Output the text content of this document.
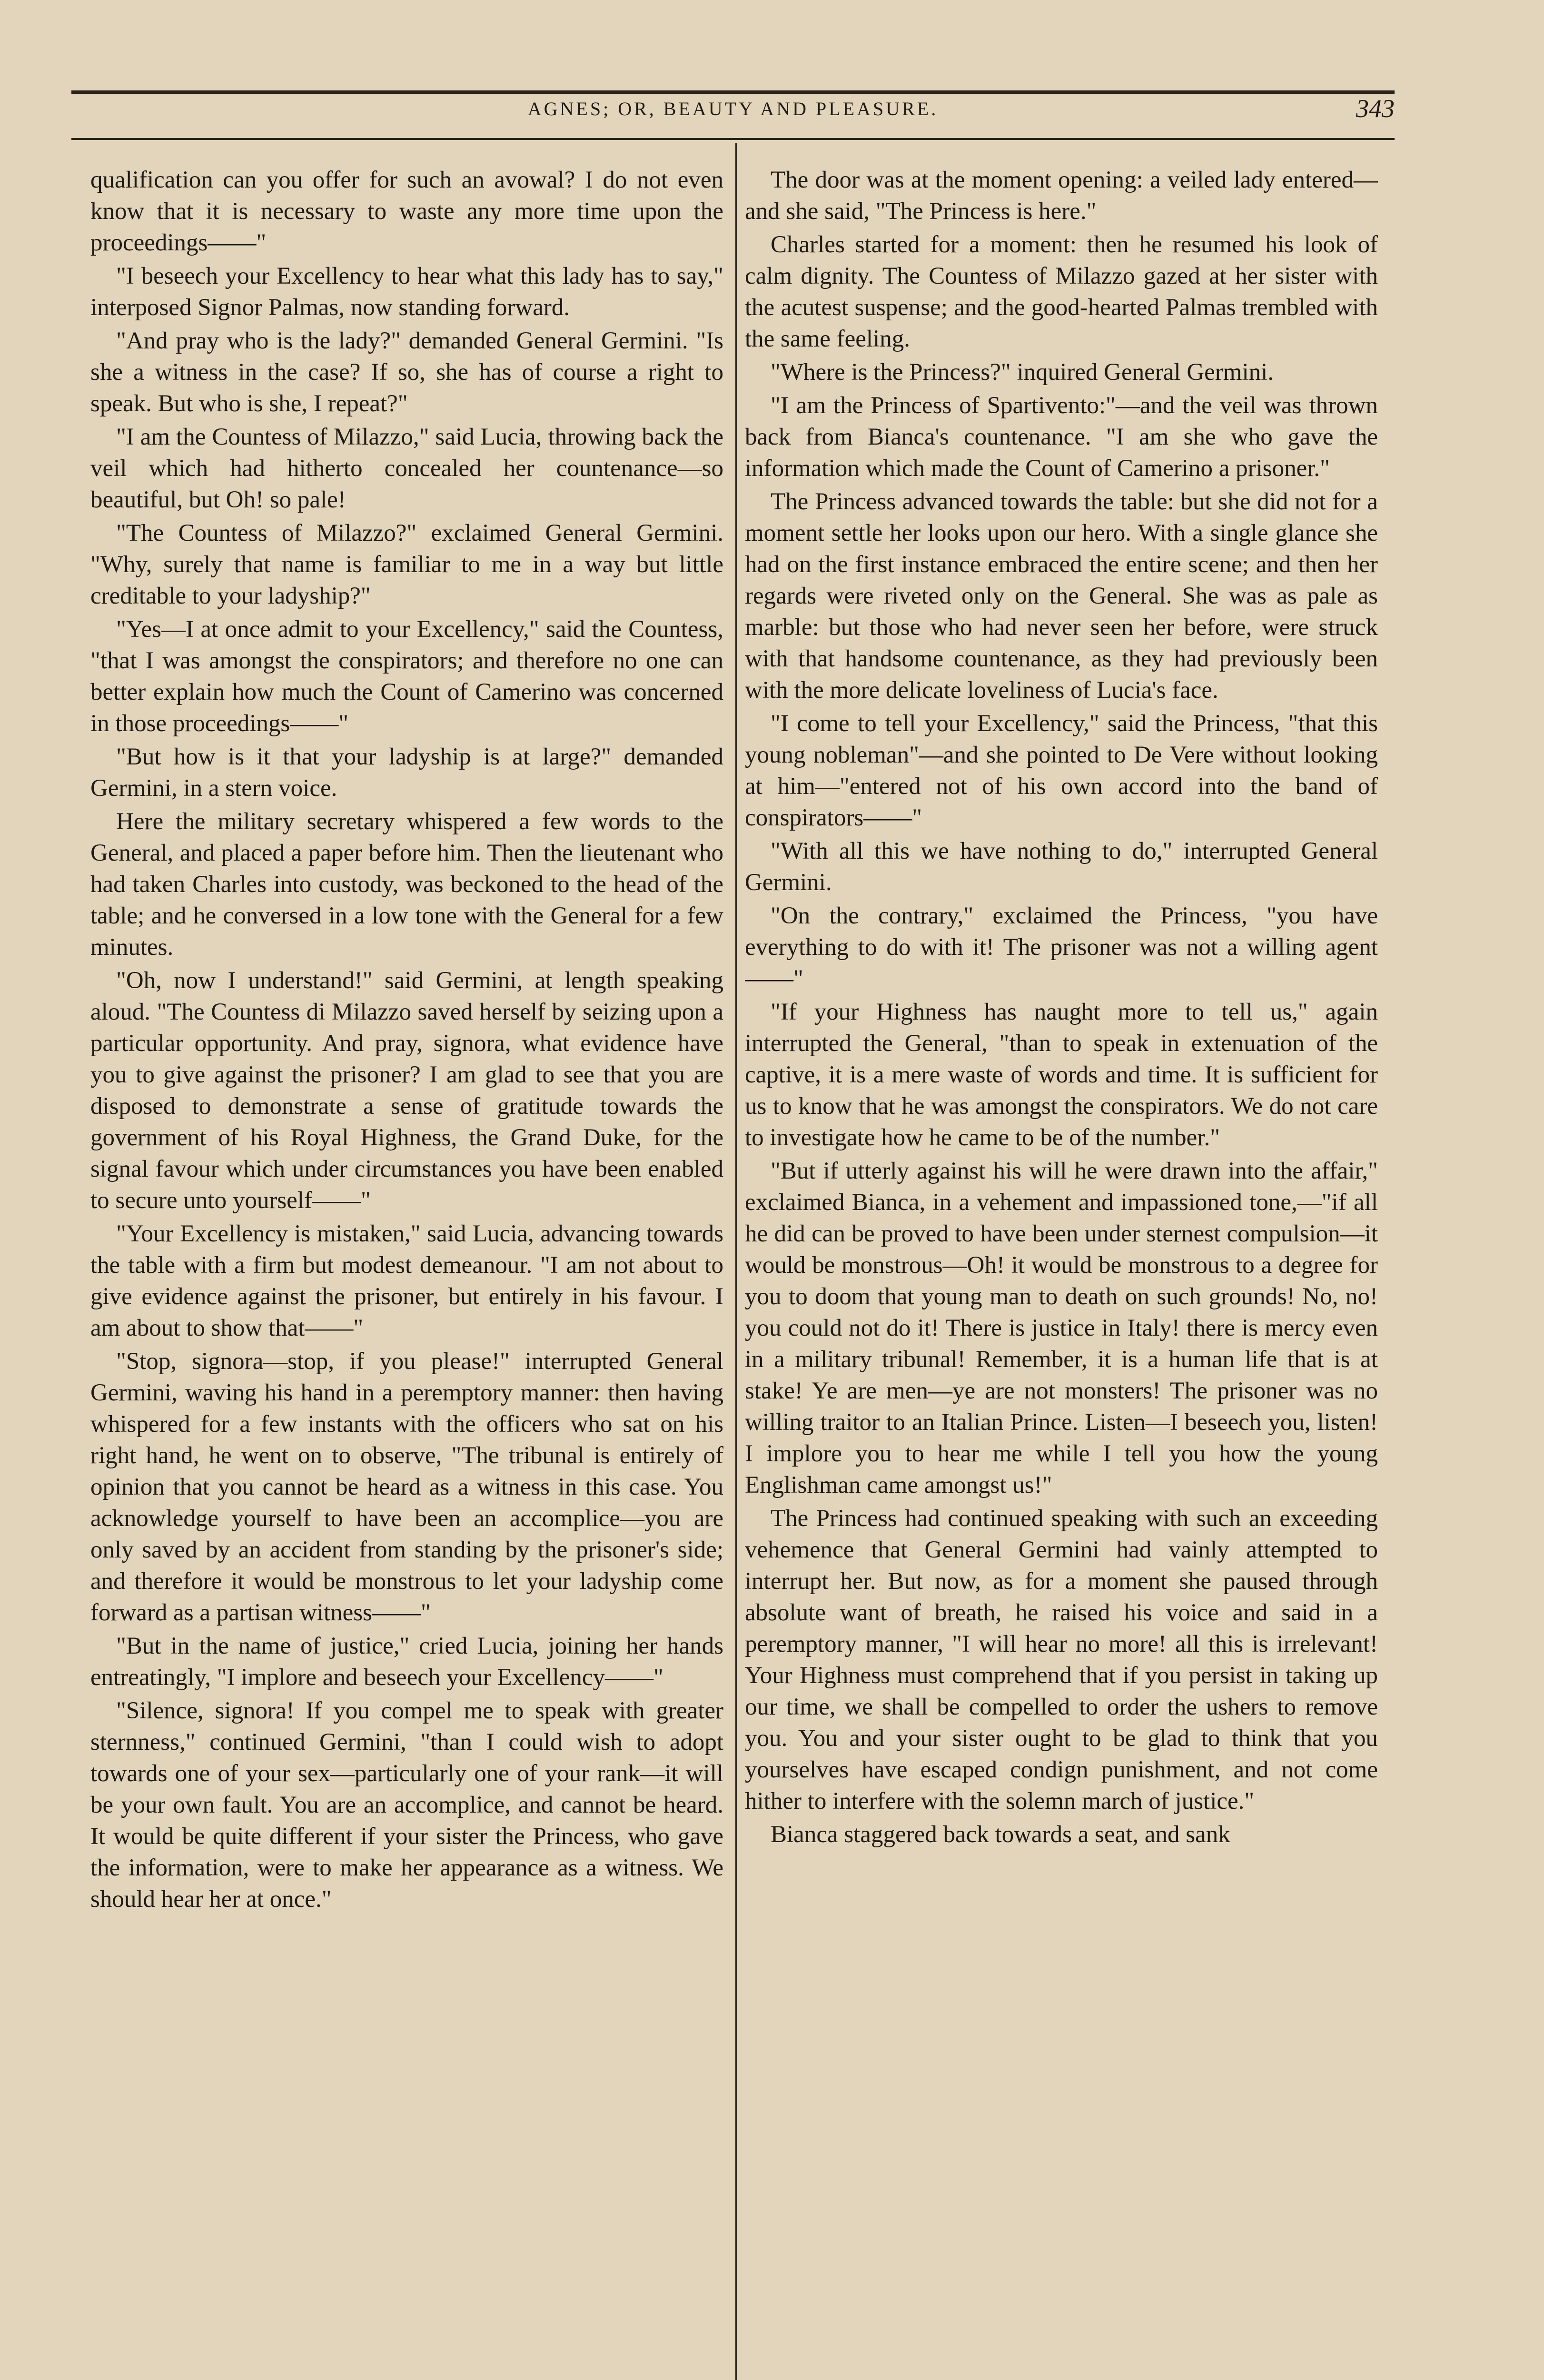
AGNES; OR, BEAUTY AND PLEASURE.	343

qualification can you offer for such an avowal? I do not even know that it is necessary to waste any more time upon the proceedings——"

"I beseech your Excellency to hear what this lady has to say," interposed Signor Palmas, now standing forward.

"And pray who is the lady?" demanded General Germini. "Is she a witness in the case? If so, she has of course a right to speak. But who is she, I repeat?"

"I am the Countess of Milazzo," said Lucia, throwing back the veil which had hitherto concealed her countenance—so beautiful, but Oh! so pale!

"The Countess of Milazzo?" exclaimed General Germini. "Why, surely that name is familiar to me in a way but little creditable to your ladyship?"

"Yes—I at once admit to your Excellency," said the Countess, "that I was amongst the conspirators; and therefore no one can better explain how much the Count of Camerino was concerned in those proceedings——"

"But how is it that your ladyship is at large?" demanded Germini, in a stern voice.

Here the military secretary whispered a few words to the General, and placed a paper before him. Then the lieutenant who had taken Charles into custody, was beckoned to the head of the table; and he conversed in a low tone with the General for a few minutes.

"Oh, now I understand!" said Germini, at length speaking aloud. "The Countess di Milazzo saved herself by seizing upon a particular opportunity. And pray, signora, what evidence have you to give against the prisoner? I am glad to see that you are disposed to demonstrate a sense of gratitude towards the government of his Royal Highness, the Grand Duke, for the signal favour which under circumstances you have been enabled to secure unto yourself——"

"Your Excellency is mistaken," said Lucia, advancing towards the table with a firm but modest demeanour. "I am not about to give evidence against the prisoner, but entirely in his favour. I am about to show that——"

"Stop, signora—stop, if you please!" interrupted General Germini, waving his hand in a peremptory manner: then having whispered for a few instants with the officers who sat on his right hand, he went on to observe, "The tribunal is entirely of opinion that you cannot be heard as a witness in this case. You acknowledge yourself to have been an accomplice—you are only saved by an accident from standing by the prisoner's side; and therefore it would be monstrous to let your ladyship come forward as a partisan witness——"

"But in the name of justice," cried Lucia, joining her hands entreatingly, "I implore and beseech your Excellency——"

"Silence, signora! If you compel me to speak with greater sternness," continued Germini, "than I could wish to adopt towards one of your sex—particularly one of your rank—it will be your own fault. You are an accomplice, and cannot be heard. It would be quite different if your sister the Princess, who gave the information, were to make her appearance as a witness. We should hear her at once."

The door was at the moment opening: a veiled lady entered—and she said, "The Princess is here."

Charles started for a moment: then he resumed his look of calm dignity. The Countess of Milazzo gazed at her sister with the acutest suspense; and the good-hearted Palmas trembled with the same feeling.

"Where is the Princess?" inquired General Germini.

"I am the Princess of Spartivento:"—and the veil was thrown back from Bianca's countenance. "I am she who gave the information which made the Count of Camerino a prisoner."

The Princess advanced towards the table: but she did not for a moment settle her looks upon our hero. With a single glance she had on the first instance embraced the entire scene; and then her regards were riveted only on the General. She was as pale as marble: but those who had never seen her before, were struck with that handsome countenance, as they had previously been with the more delicate loveliness of Lucia's face.

"I come to tell your Excellency," said the Princess, "that this young nobleman"—and she pointed to De Vere without looking at him—"entered not of his own accord into the band of conspirators——"

"With all this we have nothing to do," interrupted General Germini.

"On the contrary," exclaimed the Princess, "you have everything to do with it! The prisoner was not a willing agent——"

"If your Highness has naught more to tell us," again interrupted the General, "than to speak in extenuation of the captive, it is a mere waste of words and time. It is sufficient for us to know that he was amongst the conspirators. We do not care to investigate how he came to be of the number."

"But if utterly against his will he were drawn into the affair," exclaimed Bianca, in a vehement and impassioned tone,—"if all he did can be proved to have been under sternest compulsion—it would be monstrous—Oh! it would be monstrous to a degree for you to doom that young man to death on such grounds! No, no! you could not do it! There is justice in Italy! there is mercy even in a military tribunal! Remember, it is a human life that is at stake! Ye are men—ye are not monsters! The prisoner was no willing traitor to an Italian Prince. Listen—I beseech you, listen! I implore you to hear me while I tell you how the young Englishman came amongst us!"

The Princess had continued speaking with such an exceeding vehemence that General Germini had vainly attempted to interrupt her. But now, as for a moment she paused through absolute want of breath, he raised his voice and said in a peremptory manner, "I will hear no more! all this is irrelevant! Your Highness must comprehend that if you persist in taking up our time, we shall be compelled to order the ushers to remove you. You and your sister ought to be glad to think that you yourselves have escaped condign punishment, and not come hither to interfere with the solemn march of justice."

Bianca staggered back towards a seat, and sank
